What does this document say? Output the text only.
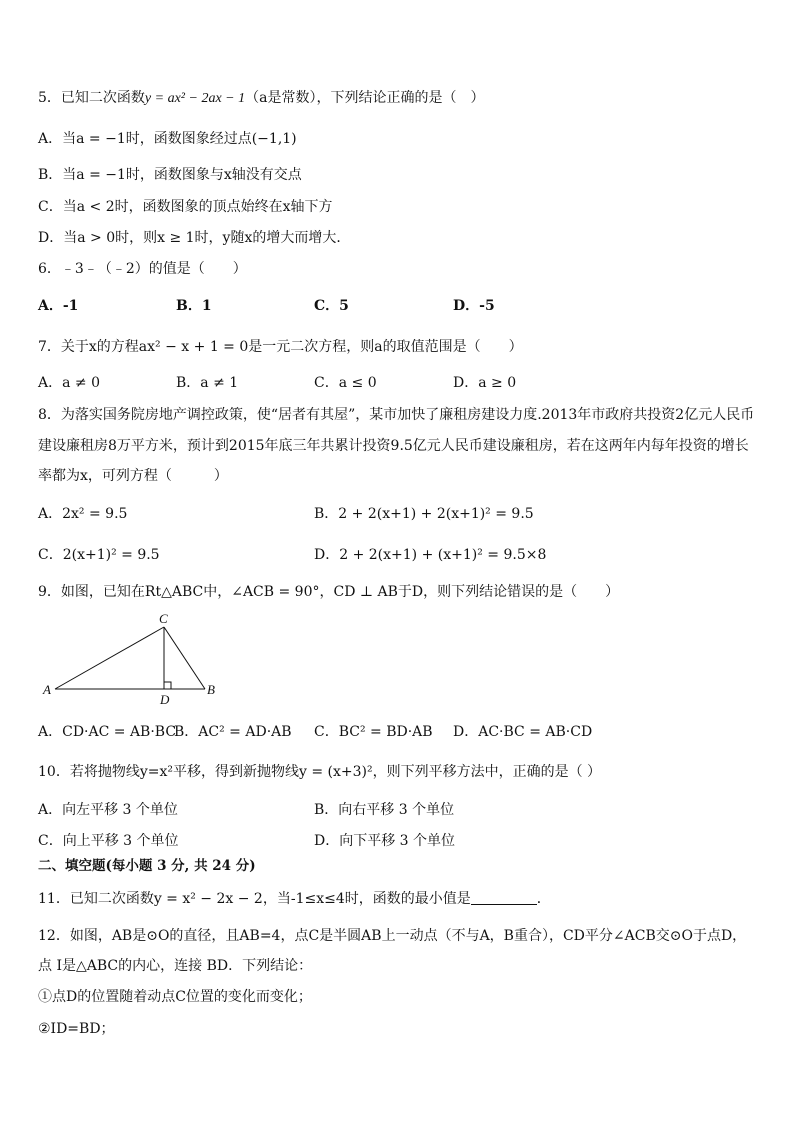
5．已知二次函数y = ax² − 2ax − 1（a是常数），下列结论正确的是（　）
A．当a = −1时，函数图象经过点(−1,1)
B．当a = −1时，函数图象与x轴没有交点
C．当a < 2时，函数图象的顶点始终在x轴下方
D．当a > 0时，则x ≥ 1时，y随x的增大而增大．
6．﹣3﹣（﹣2）的值是（　　）
A．-1	B．1	C．5	D．-5
7．关于x的方程ax² − x + 1 = 0是一元二次方程，则a的取值范围是（　　）
A．a ≠ 0	B．a ≠ 1	C．a ≤ 0	D．a ≥ 0
8．为落实国务院房地产调控政策，使“居者有其屋”，某市加快了廉租房建设力度.2013年市政府共投资2亿元人民币
建设廉租房8万平方米，预计到2015年底三年共累计投资9.5亿元人民币建设廉租房，若在这两年内每年投资的增长
率都为x，可列方程（　　　）
A．2x² = 9.5	B．2 + 2(x+1) + 2(x+1)² = 9.5
C．2(x+1)² = 9.5	D．2 + 2(x+1) + (x+1)² = 9.5×8
9．如图，已知在Rt△ABC中，∠ACB = 90°，CD ⊥ AB于D，则下列结论错误的是（　　）
A	B
C
D
A．CD·AC = AB·BC
B．AC² = AD·AB C．BC² = BD·AB D．AC·BC = AB·CD
10．若将抛物线y=x²平移，得到新抛物线y = (x+3)²，则下列平移方法中，正确的是（ ）
A．向左平移 3 个单位	B．向右平移 3 个单位
C．向上平移 3 个单位	D．向下平移 3 个单位
二、填空题(每小题 3 分, 共 24 分)
11．已知二次函数y = x² − 2x − 2，当-1≤x≤4时，函数的最小值是	．
12．如图，AB是⊙O的直径，且AB=4，点C是半圆AB上一动点（不与A，B重合），CD平分∠ACB交⊙O于点D，
点 I是△ABC的内心，连接 BD．下列结论：
①点D的位置随着动点C位置的变化而变化；
②ID=BD；
